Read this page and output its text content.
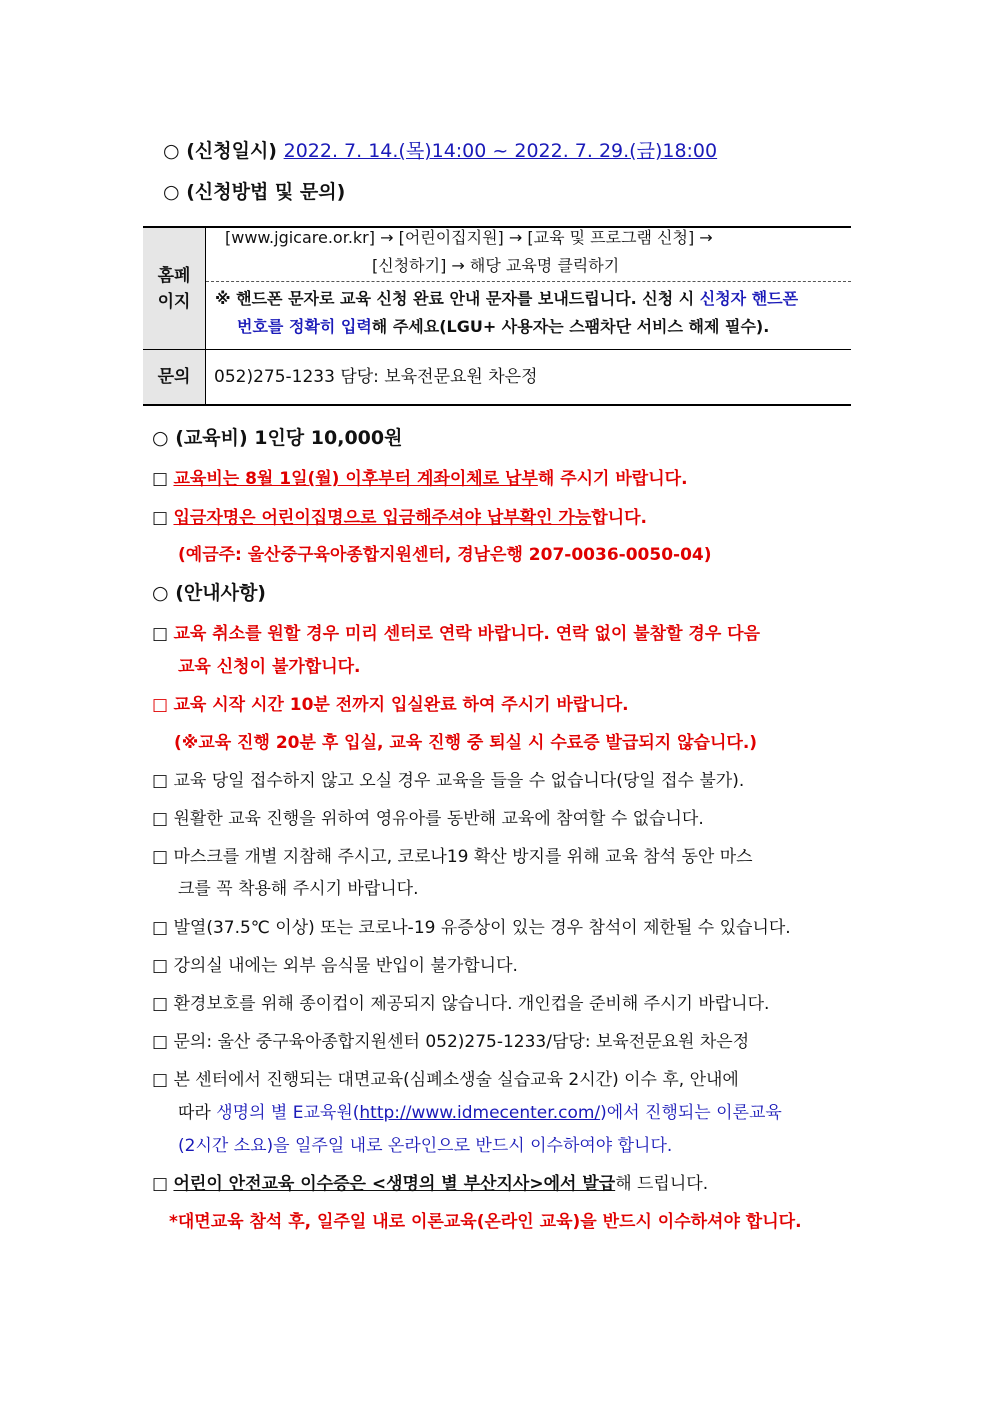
○ (신청일시) 2022. 7. 14.(목)14:00 ~ 2022. 7. 29.(금)18:00
○ (신청방법 및 문의)
홈페
이지
[www.jgicare.or.kr] → [어린이집지원] → [교육 및 프로그램 신청] →
[신청하기] → 해당 교육명 클릭하기
※ 핸드폰 문자로 교육 신청 완료 안내 문자를 보내드립니다. 신청 시 신청자 핸드폰
번호를 정확히 입력해 주세요(LGU+ 사용자는 스팸차단 서비스 해제 필수).
문의	052)275-1233 담당: 보육전문요원 차은정
○ (교육비) 1인당 10,000원
□ 교육비는 8월 1일(월) 이후부터 계좌이체로 납부해 주시기 바랍니다.
□ 입금자명은 어린이집명으로 입금해주셔야 납부확인 가능합니다.
(예금주: 울산중구육아종합지원센터, 경남은행 207-0036-0050-04)
○ (안내사항)
□ 교육 취소를 원할 경우 미리 센터로 연락 바랍니다. 연락 없이 불참할 경우 다음
교육 신청이 불가합니다.
□ 교육 시작 시간 10분 전까지 입실완료 하여 주시기 바랍니다.
(※교육 진행 20분 후 입실, 교육 진행 중 퇴실 시 수료증 발급되지 않습니다.)
□ 교육 당일 접수하지 않고 오실 경우 교육을 들을 수 없습니다(당일 접수 불가).
□ 원활한 교육 진행을 위하여 영유아를 동반해 교육에 참여할 수 없습니다.
□ 마스크를 개별 지참해 주시고, 코로나19 확산 방지를 위해 교육 참석 동안 마스
크를 꼭 착용해 주시기 바랍니다.
□ 발열(37.5℃ 이상) 또는 코로나-19 유증상이 있는 경우 참석이 제한될 수 있습니다.
□ 강의실 내에는 외부 음식물 반입이 불가합니다.
□ 환경보호를 위해 종이컵이 제공되지 않습니다. 개인컵을 준비해 주시기 바랍니다.
□ 문의: 울산 중구육아종합지원센터 052)275-1233/담당: 보육전문요원 차은정
□ 본 센터에서 진행되는 대면교육(심폐소생술 실습교육 2시간) 이수 후, 안내에
따라 생명의 별 E교육원(http://www.idmecenter.com/)에서 진행되는 이론교육
(2시간 소요)을 일주일 내로 온라인으로 반드시 이수하여야 합니다.
□ 어린이 안전교육 이수증은 <생명의 별 부산지사>에서 발급해 드립니다.
*대면교육 참석 후, 일주일 내로 이론교육(온라인 교육)을 반드시 이수하셔야 합니다.
